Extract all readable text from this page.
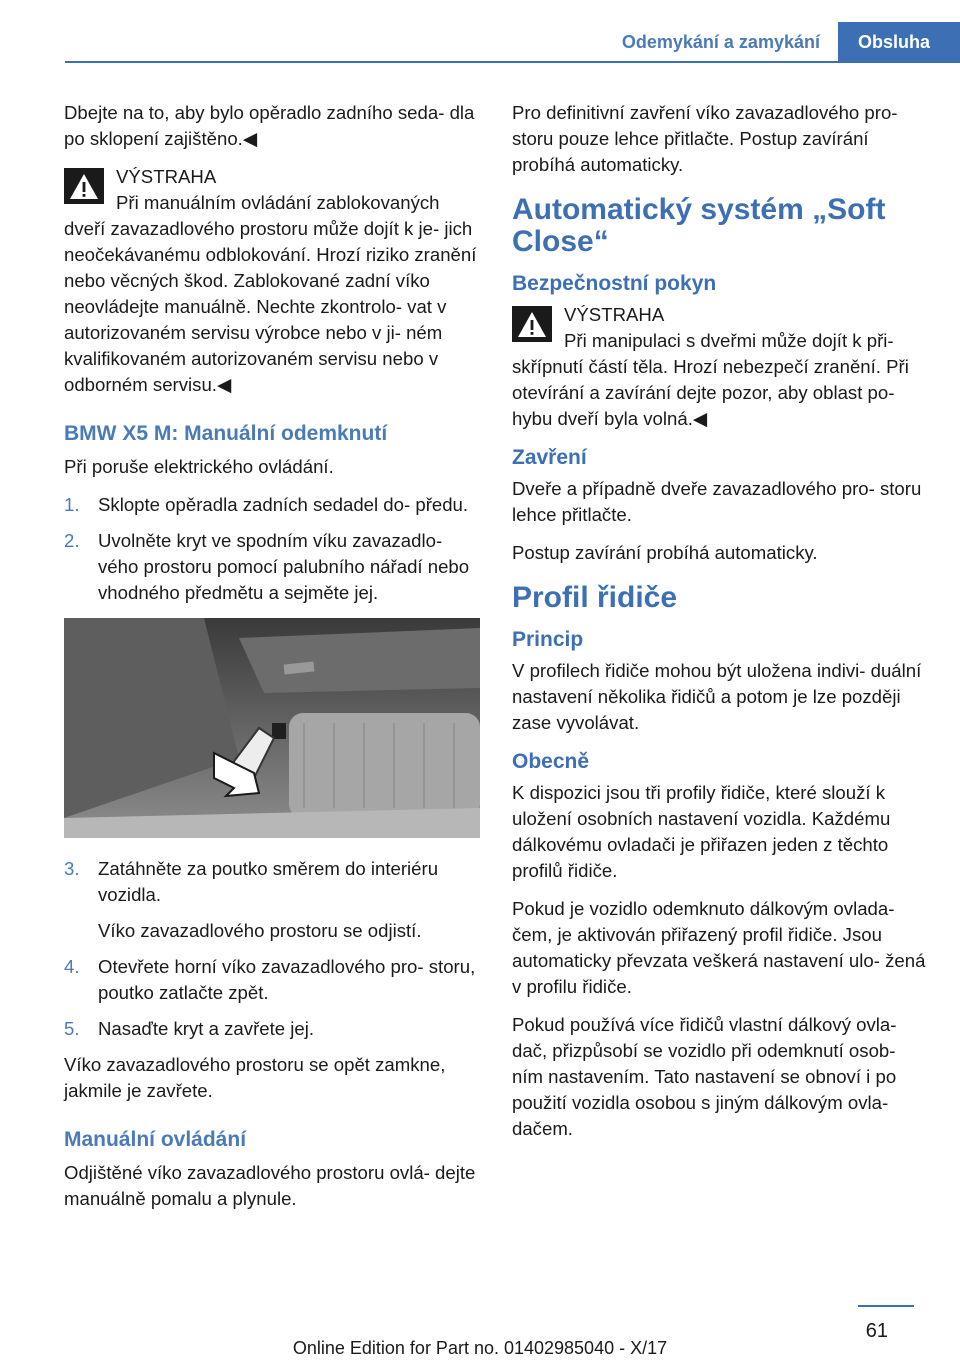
Odemykání a zamykání	Obsluha

Dbejte na to, aby bylo opěradlo zadního seda‐ dla po sklopení zajištěno.◀

VÝSTRAHA

Při manuálním ovládání zablokovaných dveří zavazadlového prostoru může dojít k je‐ jich neočekávanému odblokování. Hrozí riziko zranění nebo věcných škod. Zablokované zadní víko neovládejte manuálně. Nechte zkontrolo‐ vat v autorizovaném servisu výrobce nebo v ji‐ ném kvalifikovaném autorizovaném servisu nebo v odborném servisu.◀

BMW X5 M: Manuální odemknutí

Při poruše elektrického ovládání.

1. Sklopte opěradla zadních sedadel do‐ předu.
2. Uvolněte kryt ve spodním víku zavazadlo‐ vého prostoru pomocí palubního nářadí nebo vhodného předmětu a sejměte jej.
3. Zatáhněte za poutko směrem do interiéru vozidla.

Víko zavazadlového prostoru se odjistí.

4. Otevřete horní víko zavazadlového pro‐ storu, poutko zatlačte zpět.
5. Nasaďte kryt a zavřete jej.

Víko zavazadlového prostoru se opět zamkne, jakmile je zavřete.

Manuální ovládání

Odjištěné víko zavazadlového prostoru ovlá‐ dejte manuálně pomalu a plynule.

Pro definitivní zavření víko zavazadlového pro‐ storu pouze lehce přitlačte. Postup zavírání probíhá automaticky.

Automatický systém „Soft Close“
Bezpečnostní pokyn

VÝSTRAHA

Při manipulaci s dveřmi může dojít k při‐ skřípnutí částí těla. Hrozí nebezpečí zranění. Při otevírání a zavírání dejte pozor, aby oblast po‐ hybu dveří byla volná.◀

Zavření

Dveře a případně dveře zavazadlového pro‐ storu lehce přitlačte.

Postup zavírání probíhá automaticky.

Profil řidiče
Princip

V profilech řidiče mohou být uložena indivi‐ duální nastavení několika řidičů a potom je lze později zase vyvolávat.

Obecně

K dispozici jsou tři profily řidiče, které slouží k uložení osobních nastavení vozidla. Každému dálkovému ovladači je přiřazen jeden z těchto profilů řidiče.

Pokud je vozidlo odemknuto dálkovým ovlada‐ čem, je aktivován přiřazený profil řidiče. Jsou automaticky převzata veškerá nastavení ulo‐ žená v profilu řidiče.

Pokud používá více řidičů vlastní dálkový ovla‐ dač, přizpůsobí se vozidlo při odemknutí osob‐ ním nastavením. Tato nastavení se obnoví i po použití vozidla osobou s jiným dálkovým ovla‐ dačem.

61
Online Edition for Part no. 01402985040 - X/17
